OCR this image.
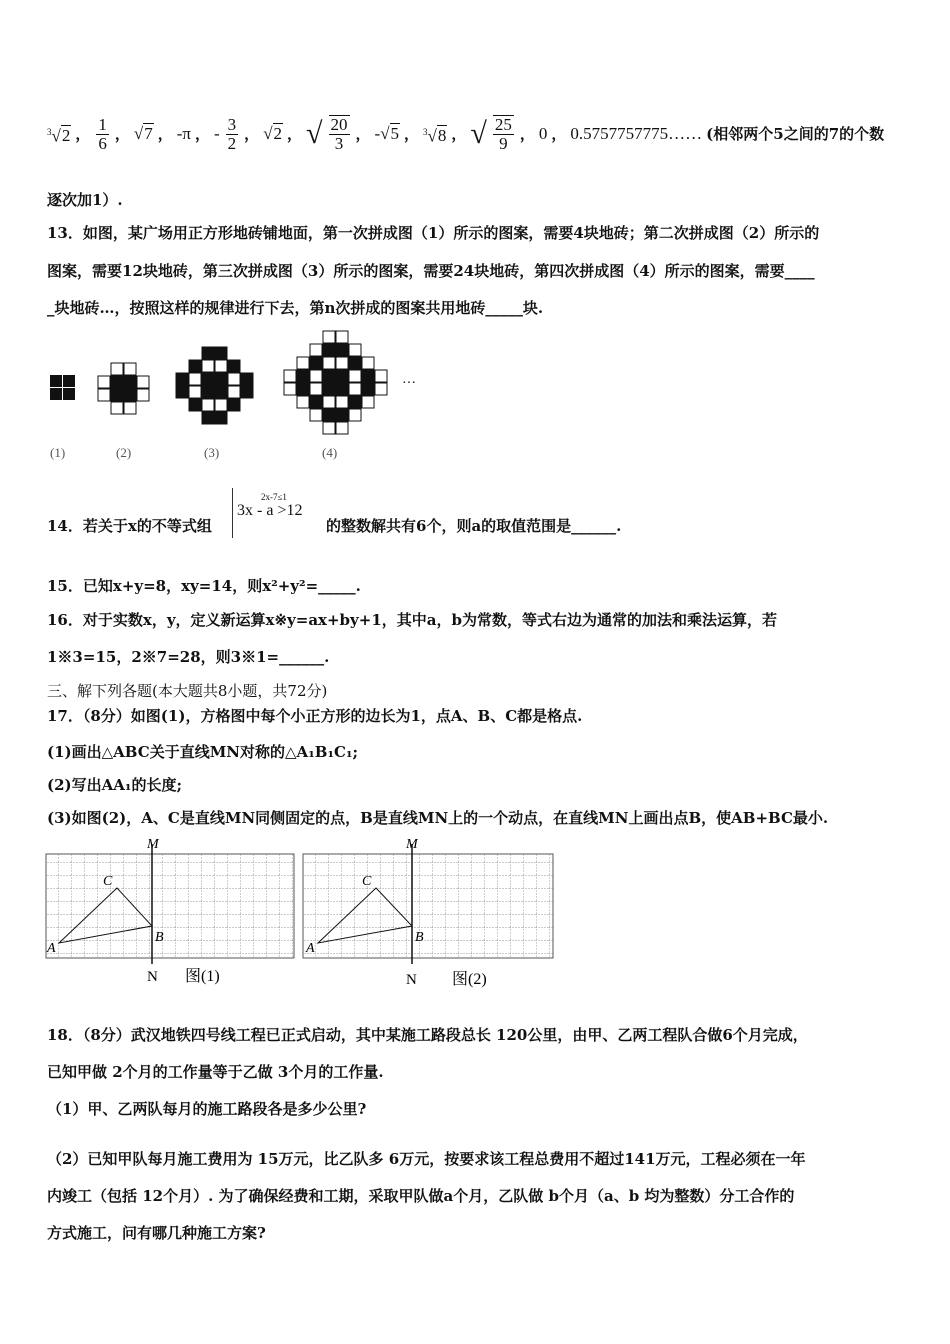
$^3$√2 ， $\frac{1}{6}$ ， √7 ， -π ， - $\frac{3}{2}$ ， √2 ， √ $\frac{20}{3}$ ， -√5 ， $^3$√8 ， √ $\frac{25}{9}$ ， 0 ， 0.5757757775…… (相邻两个5之间的7的个数
逐次加1）.
13．如图，某广场用正方形地砖铺地面，第一次拼成图（1）所示的图案，需要4块地砖；第二次拼成图（2）所示的
图案，需要12块地砖，第三次拼成图（3）所示的图案，需要24块地砖，第四次拼成图（4）所示的图案，需要____
_块地砖…，按照这样的规律进行下去，第n次拼成的图案共用地砖_____块.
…
(1)	(2)	(3)	(4)
14．若关于x的不等式组
2x-7≤1
3x - a >12
的整数解共有6个，则a的取值范围是______.
15．已知x+y=8，xy=14，则x²+y²=_____.
16．对于实数x，y，定义新运算x※y=ax+by+1，其中a，b为常数，等式右边为通常的加法和乘法运算，若
1※3=15，2※7=28，则3※1=______.
三、解下列各题(本大题共8小题，共72分)
17．（8分）如图(1)，方格图中每个小正方形的边长为1，点A、B、C都是格点.
(1)画出△ABC关于直线MN对称的△A₁B₁C₁;
(2)写出AA₁的长度;
(3)如图(2)，A、C是直线MN同侧固定的点，B是直线MN上的一个动点，在直线MN上画出点B，使AB+BC最小.
M
C
A
B
N 图(1)
M
C
A
B
N 图(2)
18．（8分）武汉地铁四号线工程已正式启动，其中某施工路段总长 120公里，由甲、乙两工程队合做6个月完成，
已知甲做 2个月的工作量等于乙做 3个月的工作量.
（1）甲、乙两队每月的施工路段各是多少公里?
（2）已知甲队每月施工费用为 15万元，比乙队多 6万元，按要求该工程总费用不超过141万元，工程必须在一年
内竣工（包括 12个月）. 为了确保经费和工期，采取甲队做a个月，乙队做 b个月（a、b 均为整数）分工合作的
方式施工，问有哪几种施工方案?
